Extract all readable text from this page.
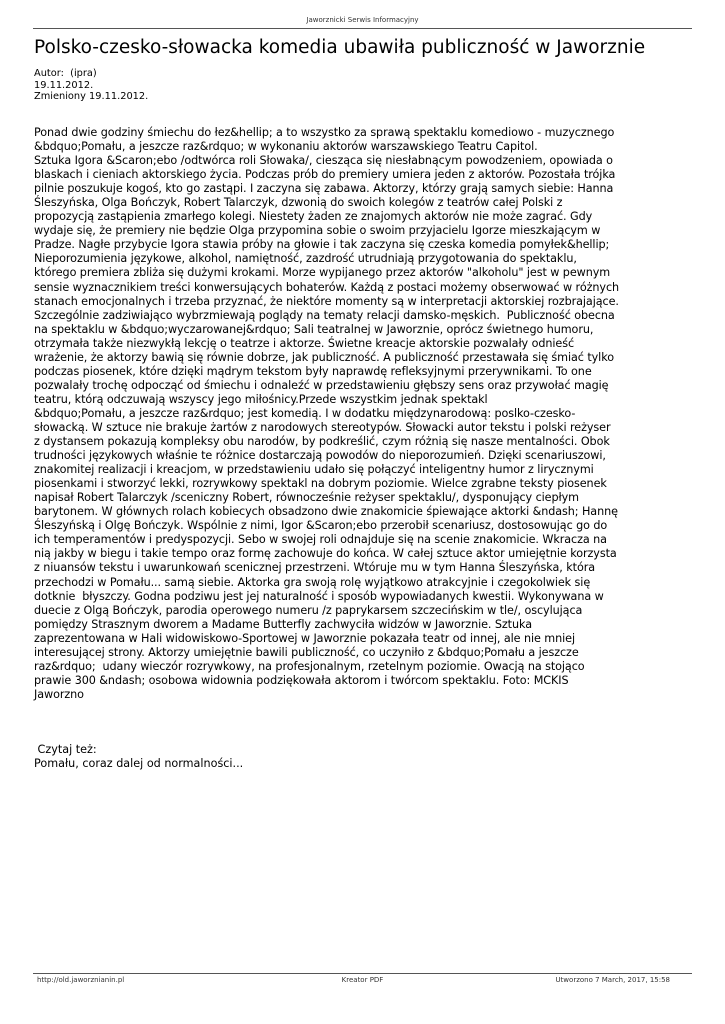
Jaworznicki Serwis Informacyjny
Polsko-czesko-słowacka komedia ubawiła publiczność w Jaworznie
Autor:  (ipra)
19.11.2012.
Zmieniony 19.11.2012.
Ponad dwie godziny śmiechu do łez&hellip; a to wszystko za sprawą spektaklu komediowo - muzycznego
&bdquo;Pomału, a jeszcze raz&rdquo; w wykonaniu aktorów warszawskiego Teatru Capitol.
Sztuka Igora &Scaron;ebo /odtwórca roli Słowaka/, ciesząca się niesłabnącym powodzeniem, opowiada o
blaskach i cieniach aktorskiego życia. Podczas prób do premiery umiera jeden z aktorów. Pozostała trójka
pilnie poszukuje kogoś, kto go zastąpi. I zaczyna się zabawa. Aktorzy, którzy grają samych siebie: Hanna
Śleszyńska, Olga Bończyk, Robert Talarczyk, dzwonią do swoich kolegów z teatrów całej Polski z
propozycją zastąpienia zmarłego kolegi. Niestety żaden ze znajomych aktorów nie może zagrać. Gdy
wydaje się, że premiery nie będzie Olga przypomina sobie o swoim przyjacielu Igorze mieszkającym w
Pradze. Nagłe przybycie Igora stawia próby na głowie i tak zaczyna się czeska komedia pomyłek&hellip;
Nieporozumienia językowe, alkohol, namiętność, zazdrość utrudniają przygotowania do spektaklu,
którego premiera zbliża się dużymi krokami. Morze wypijanego przez aktorów "alkoholu" jest w pewnym
sensie wyznacznikiem treści konwersujących bohaterów. Każdą z postaci możemy obserwować w różnych
stanach emocjonalnych i trzeba przyznać, że niektóre momenty są w interpretacji aktorskiej rozbrajające.
Szczególnie zadziwiająco wybrzmiewają poglądy na tematy relacji damsko-męskich.  Publiczność obecna
na spektaklu w &bdquo;wyczarowanej&rdquo; Sali teatralnej w Jaworznie, oprócz świetnego humoru,
otrzymała także niezwykłą lekcję o teatrze i aktorze. Świetne kreacje aktorskie pozwalały odnieść
wrażenie, że aktorzy bawią się równie dobrze, jak publiczność. A publiczność przestawała się śmiać tylko
podczas piosenek, które dzięki mądrym tekstom były naprawdę refleksyjnymi przerywnikami. To one
pozwalały trochę odpocząć od śmiechu i odnaleźć w przedstawieniu głębszy sens oraz przywołać magię
teatru, którą odczuwają wszyscy jego miłośnicy.Przede wszystkim jednak spektakl
&bdquo;Pomału, a jeszcze raz&rdquo; jest komedią. I w dodatku międzynarodową: poslko-czesko-
słowacką. W sztuce nie brakuje żartów z narodowych stereotypów. Słowacki autor tekstu i polski reżyser
z dystansem pokazują kompleksy obu narodów, by podkreślić, czym różnią się nasze mentalności. Obok
trudności językowych właśnie te różnice dostarczają powodów do nieporozumień. Dzięki scenariuszowi,
znakomitej realizacji i kreacjom, w przedstawieniu udało się połączyć inteligentny humor z lirycznymi
piosenkami i stworzyć lekki, rozrywkowy spektakl na dobrym poziomie. Wielce zgrabne teksty piosenek
napisał Robert Talarczyk /sceniczny Robert, równocześnie reżyser spektaklu/, dysponujący ciepłym
barytonem. W głównych rolach kobiecych obsadzono dwie znakomicie śpiewające aktorki &ndash; Hannę
Śleszyńską i Olgę Bończyk. Wspólnie z nimi, Igor &Scaron;ebo przerobił scenariusz, dostosowując go do
ich temperamentów i predyspozycji. Sebo w swojej roli odnajduje się na scenie znakomicie. Wkracza na
nią jakby w biegu i takie tempo oraz formę zachowuje do końca. W całej sztuce aktor umiejętnie korzysta
z niuansów tekstu i uwarunkowań scenicznej przestrzeni. Wtóruje mu w tym Hanna Śleszyńska, która
przechodzi w Pomału... samą siebie. Aktorka gra swoją rolę wyjątkowo atrakcyjnie i czegokolwiek się
dotknie  błyszczy. Godna podziwu jest jej naturalność i sposób wypowiadanych kwestii. Wykonywana w
duecie z Olgą Bończyk, parodia operowego numeru /z paprykarsem szczecińskim w tle/, oscylująca
pomiędzy Strasznym dworem a Madame Butterfly zachwyciła widzów w Jaworznie. Sztuka
zaprezentowana w Hali widowiskowo-Sportowej w Jaworznie pokazała teatr od innej, ale nie mniej
interesującej strony. Aktorzy umiejętnie bawili publiczność, co uczyniło z &bdquo;Pomału a jeszcze
raz&rdquo;  udany wieczór rozrywkowy, na profesjonalnym, rzetelnym poziomie. Owacją na stojąco
prawie 300 &ndash; osobowa widownia podziękowała aktorom i twórcom spektaklu. Foto: MCKIS
Jaworzno
Czytaj też:
Pomału, coraz dalej od normalności...
http://old.jaworznianin.pl	Kreator PDF	Utworzono 7 March, 2017, 15:58
